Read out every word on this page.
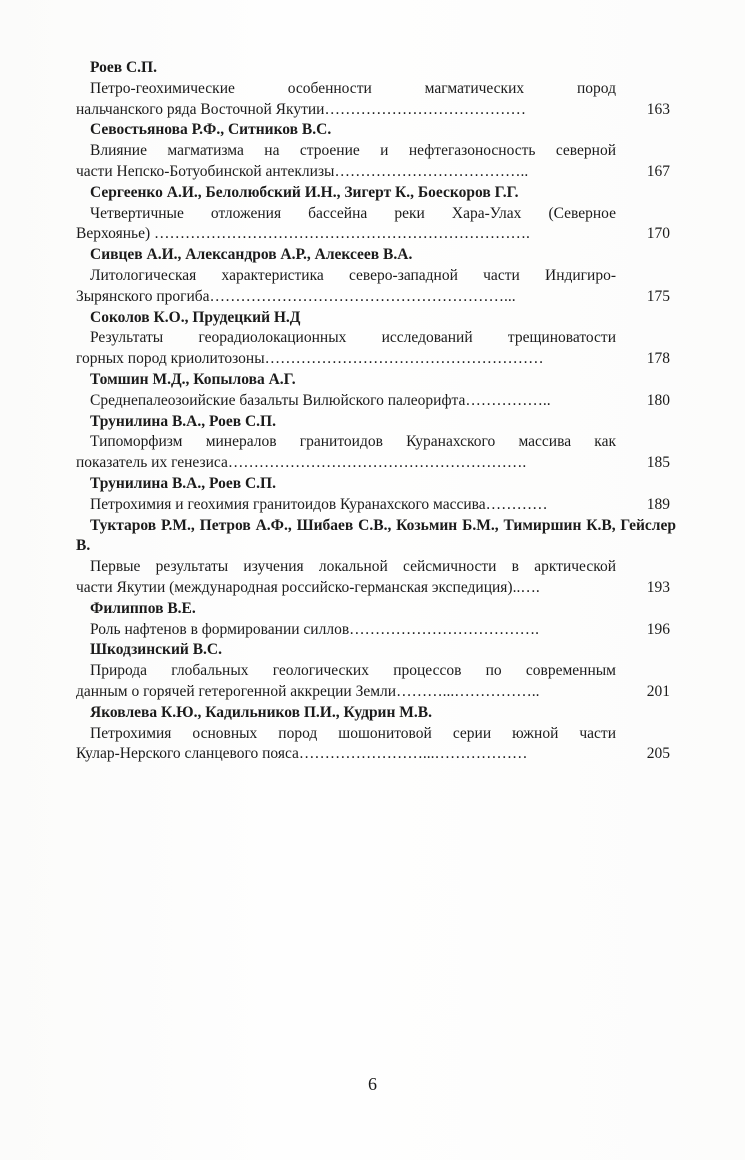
Роев С.П.

Петро-геохимические особенности магматических пород

нальчанского ряда Восточной Якутии…………………………………	163

Севостьянова Р.Ф., Ситников В.С.

Влияние магматизма на строение и нефтегазоносность северной

части Непско-Ботуобинской антеклизы………………………………..	167

Сергеенко А.И., Белолюбский И.Н., Зигерт К., Боескоров Г.Г.

Четвертичные отложения бассейна реки Хара-Улах (Северное

Верхоянье) ……………………………………………………………….	170

Сивцев А.И., Александров А.Р., Алексеев В.А.

Литологическая характеристика северо-западной части Индигиро-

Зырянского прогиба…………………………………………………...	175

Соколов К.О., Прудецкий Н.Д

Результаты георадиолокационных исследований трещиноватости

горных пород криолитозоны………………………………………………	178

Томшин М.Д., Копылова А.Г.

Среднепалеозоийские базальты Вилюйского палеорифта……………..	180

Трунилина В.А., Роев С.П.

Типоморфизм минералов гранитоидов Куранахского массива как

показатель их генезиса………………………………………………….	185

Трунилина В.А., Роев С.П.

Петрохимия и геохимия гранитоидов Куранахского массива…………	189

Туктаров Р.М., Петров А.Ф., Шибаев С.В., Козьмин Б.М., Тимиршин К.В, Гейслер В.

Первые результаты изучения локальной сейсмичности в арктической

части Якутии (международная российско-германская экспедиция)..….	193

Филиппов В.Е.

Роль нафтенов в формировании силлов……………………………….	196

Шкодзинский В.С.

Природа глобальных геологических процессов по современным

данным о горячей гетерогенной аккреции Земли………...……………..	201

Яковлева К.Ю., Кадильников П.И., Кудрин М.В.

Петрохимия основных пород шошонитовой серии южной части

Кулар-Нерского сланцевого пояса……………………...………………	205
6
